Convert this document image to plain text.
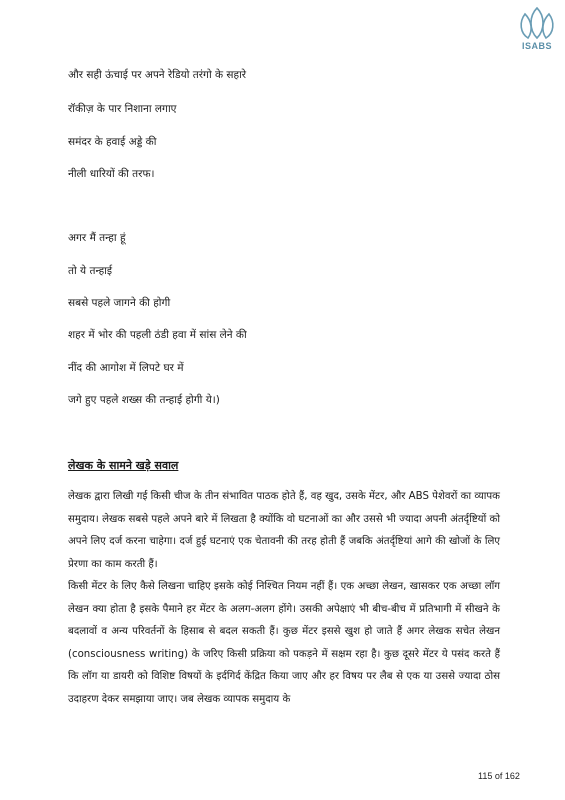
ISABS
और सही ऊंचाई पर अपने रेडियो तरंगो के सहारे
रॉकीज़ के पार निशाना लगाए
समंदर के हवाई अड्डे की
नीली धारियों की तरफ।
अगर मैं तन्हा हूं
तो ये तन्हाई
सबसे पहले जागने की होगी
शहर में भोर की पहली ठंडी हवा में सांस लेने की
नींद की आगोश में लिपटे घर में
जगे हुए पहले शख्स की तन्हाई होगी ये।)
लेखक के सामने खड़े सवाल

लेखक द्वारा लिखी गई किसी चीज के तीन संभावित पाठक होते हैं, वह खुद, उसके मेंटर, और ABS पेशेवरों का व्यापक समुदाय। लेखक सबसे पहले अपने बारे में लिखता है क्योंकि वो घटनाओं का और उससे भी ज्यादा अपनी अंतर्दृष्टियों को अपने लिए दर्ज करना चाहेगा। दर्ज हुई घटनाएं एक चेतावनी की तरह होती हैं जबकि अंतर्दृष्टियां आगे की खोजों के लिए प्रेरणा का काम करती हैं।

किसी मेंटर के लिए कैसे लिखना चाहिए इसके कोई निश्चित नियम नहीं हैं। एक अच्छा लेखन, खासकर एक अच्छा लॉग लेखन क्या होता है इसके पैमाने हर मेंटर के अलग-अलग होंगे। उसकी अपेक्षाएं भी बीच-बीच में प्रतिभागी में सीखने के बदलावों व अन्य परिवर्तनों के हिसाब से बदल सकती हैं। कुछ मेंटर इससे खुश हो जाते हैं अगर लेखक सचेत लेखन (consciousness writing) के जरिए किसी प्रक्रिया को पकड़ने में सक्षम रहा है। कुछ दूसरे मेंटर ये पसंद करते हैं कि लॉग या डायरी को विशिष्ट विषयों के इर्दगिर्द केंद्रित किया जाए और हर विषय पर लैब से एक या उससे ज्यादा ठोस उदाहरण देकर समझाया जाए। जब लेखक व्यापक समुदाय के

115 of 162
